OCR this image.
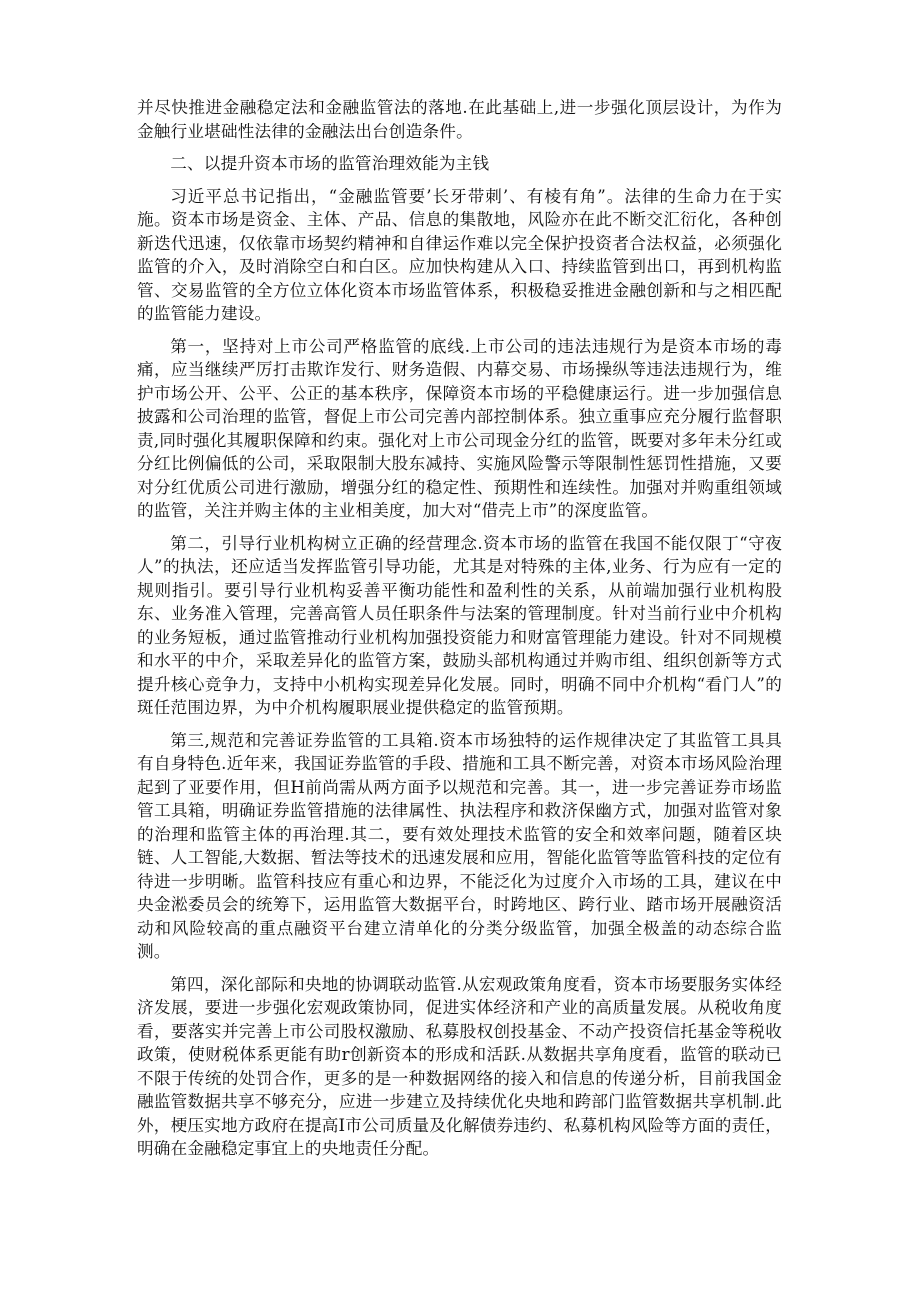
并尽快推进金融稳定法和金融监管法的落地.在此基础上,进一步强化顶层设计，为作为金触行业堪础性法律的金融法出台创造条件。

二、以提升资本市场的监管治理效能为主钱

习近平总书记指出，“金融监管要’长牙带刺’、有棱有角”。法律的生命力在于实施。资本市场是资金、主体、产品、信息的集散地，风险亦在此不断交汇衍化，各种创新迭代迅速，仅依靠市场契约精神和自律运作难以完全保护投资者合法权益，必须强化监管的介入，及时消除空白和白区。应加快构建从入口、持续监管到出口，再到机构监管、交易监管的全方位立体化资本市场监管体系，积极稳妥推进金融创新和与之相匹配的监管能力建设。

第一，坚持对上市公司严格监管的底线.上市公司的违法违规行为是资本市场的毒痛，应当继续严厉打击欺诈发行、财务造假、内幕交易、市场操纵等违法违规行为，维护市场公开、公平、公正的基本秩序，保障资本市场的平稳健康运行。进一步加强信息披露和公司治理的监管，督促上市公司完善内部控制体系。独立重事应充分履行监督职责,同时强化其履职保障和约束。强化对上市公司现金分红的监管，既要对多年未分红或分红比例偏低的公司，采取限制大股东减持、实施风险警示等限制性惩罚性措施，又要对分红优质公司进行激励，增强分红的稳定性、预期性和连续性。加强对并购重组领域的监管，关注并购主体的主业相美度，加大对“借壳上市”的深度监管。

第二，引导行业机构树立正确的经营理念.资本市场的监管在我国不能仅限丁“守夜人”的执法，还应适当发挥监管引导功能，尤其是对特殊的主体,业务、行为应有一定的规则指引。要引导行业机构妥善平衡功能性和盈利性的关系，从前端加强行业机构股东、业务准入管理，完善高管人员任职条件与法案的管理制度。针对当前行业中介机构的业务短板，通过监管推动行业机构加强投资能力和财富管理能力建设。针对不同规模和水平的中介，采取差异化的监管方案，鼓励头部机构通过并购市组、组织创新等方式提升核心竞争力，支持中小机构实现差异化发展。同时，明确不同中介机构“看门人”的斑任范围边界，为中介机构履职展业提供稳定的监管预期。

第三,规范和完善证券监管的工具箱.资本市场独特的运作规律决定了其监管工具具有自身特色.近年来，我国证券监管的手段、措施和工具不断完善，对资本市场风险治理起到了亚要作用，但H前尚需从两方面予以规范和完善。其一，进一步完善证券市场监管工具箱，明确证券监管措施的法律属性、执法程序和救济保幽方式，加强对监管对象的治理和监管主体的再治理.其二，要有效处理技术监管的安全和效率问题，随着区块链、人工智能,大数据、暂法等技术的迅速发展和应用，智能化监管等监管科技的定位有待进一步明晰。监管科技应有重心和边界，不能泛化为过度介入市场的工具，建议在中央金淞委员会的统筹下，运用监管大数据平台，时跨地区、跨行业、踏市场开展融资活动和风险较高的重点融资平台建立清单化的分类分级监管，加强全极盖的动态综合监测。

第四，深化部际和央地的协调联动监管.从宏观政策角度看，资本市场要服务实体经济发展，要进一步强化宏观政策协同，促进实体经济和产业的高质量发展。从税收角度看，要落实并完善上市公司股权激励、私募股权创投基金、不动产投资信托基金等税收政策，使财税体系更能有助r创新资本的形成和活跃.从数据共享角度看，监管的联动已不限于传统的处罚合作，更多的是一种数据网络的接入和信息的传递分析，目前我国金融监管数据共享不够充分，应进一步建立及持续优化央地和跨部门监管数据共享机制.此外，梗压实地方政府在提高I市公司质量及化解债券违约、私募机构风险等方面的责任，明确在金融稳定事宜上的央地责任分配。
